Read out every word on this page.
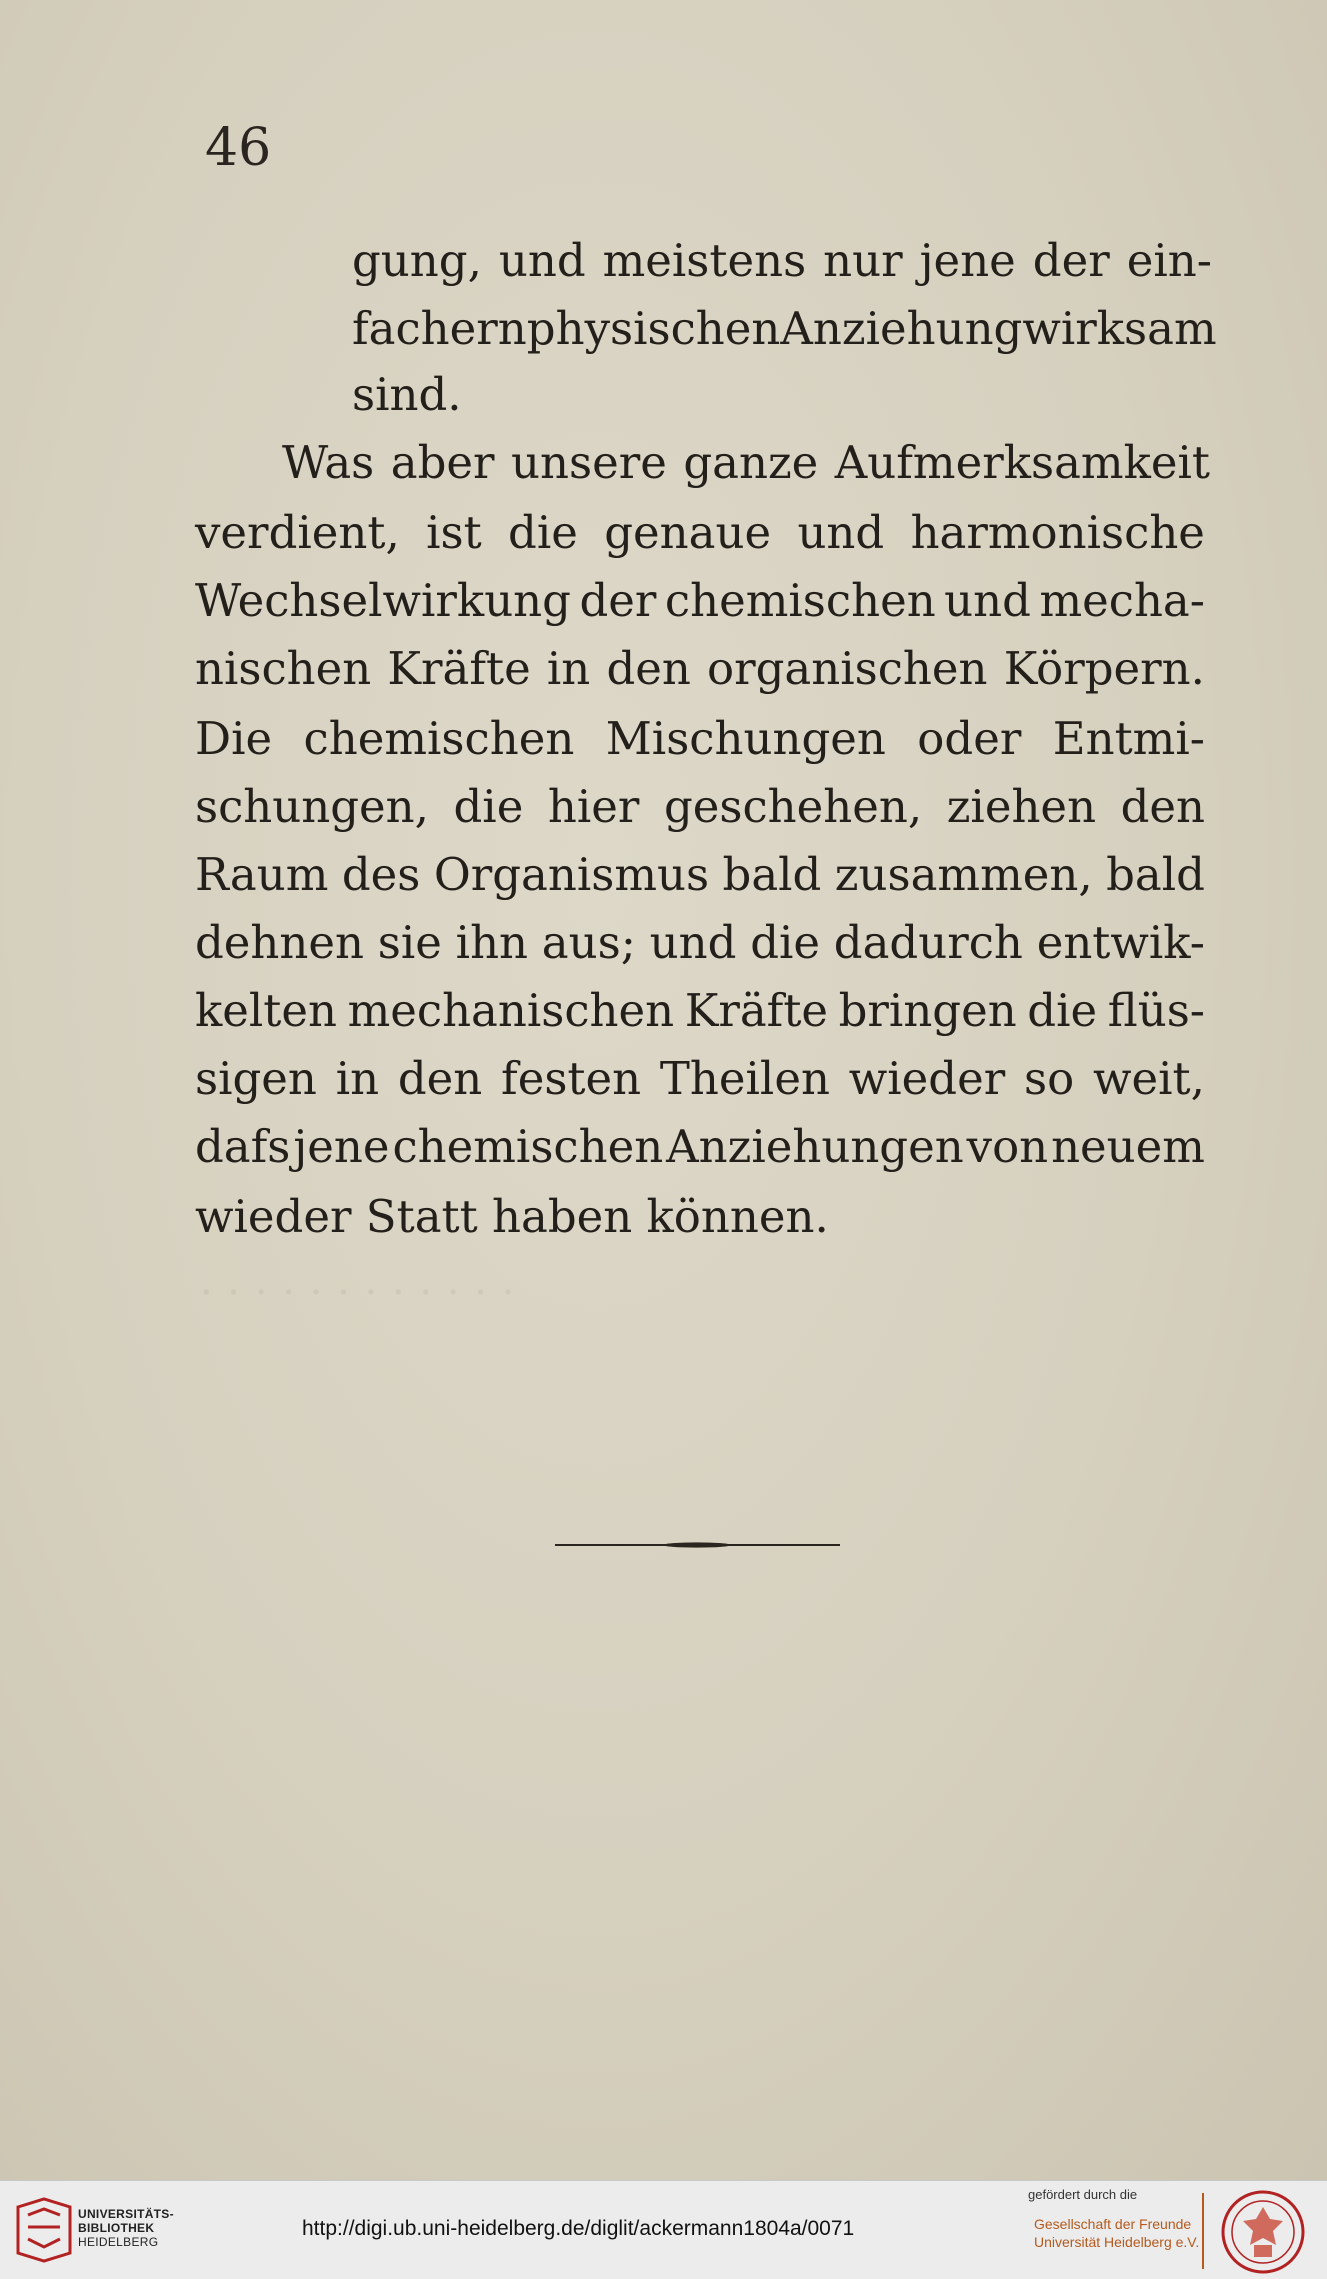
· · · · · · · · · · · ·
46
gung, und meistens nur jene der ein-
fachern physischen Anziehung wirksam
sind.
Was aber unsere ganze Aufmerksamkeit
verdient, ist die genaue und harmonische
Wechselwirkung der chemischen und mecha-
nischen Kräfte in den organischen Körpern.
Die chemischen Mischungen oder Entmi-
schungen, die hier geschehen, ziehen den
Raum des Organismus bald zusammen, bald
dehnen sie ihn aus; und die dadurch entwik-
kelten mechanischen Kräfte bringen die flüs-
sigen in den festen Theilen wieder so weit,
dafs jene chemischen Anziehungen von neuem
wieder Statt haben können.
UNIVERSITÄTS-
BIBLIOTHEK
HEIDELBERG
http://digi.ub.uni-heidelberg.de/diglit/ackermann1804a/0071
gefördert durch die
Gesellschaft der Freunde
Universität Heidelberg e.V.
